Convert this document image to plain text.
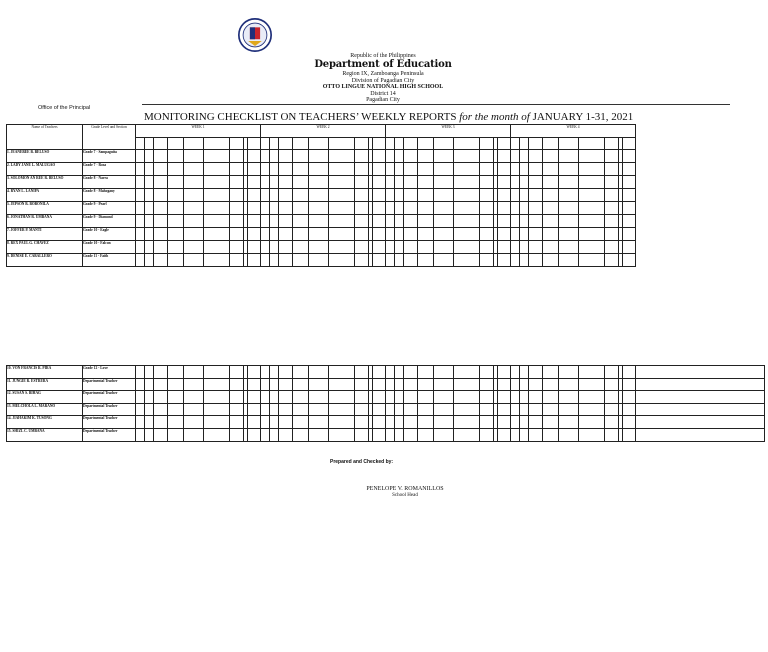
Republic of the Philippines
Department of Education
Region IX, Zamboanga Peninsula
Division of Pagadian City
OTTO LINGUE NATIONAL HIGH SCHOOL
District 14
Pagadian City
Office of the Principal
MONITORING CHECKLIST ON TEACHERS’ WEEKLY REPORTS for the month of JANUARY 1-31, 2021
Name of Teachers	Grade Level and Section	WEEK 1									WEEK 2									WEEK 3									WEEK 4								

1. JEANEBEE B. BELUSO	Grade 7 - Sampaguita																																				
2. LADY JANE L. MALUGAO	Grade 7 - Rosa																																				
3. SOLOMON AN REE R. BELUSO	Grade 8 - Narra																																				
4. RYAN L. LANIPA	Grade 8 - Mahogany																																				
5. JEPSON B. BOBONILA	Grade 9 - Pearl																																				
6. JONATHAN R. UMBANA	Grade 9 - Diamond																																				
7. JOFFER P. MANTI	Grade 10 - Eagle																																				
8. REX PAUL G. CHAVEZ	Grade 10 - Falcon																																				
9. DENISE E. CABALLERO	Grade 11 - Faith																																				
10. VON FRANCIS R. PIRA	Grade 12 - Love																																					
11. JUNGIE R. ESTRERA	Departmental Teacher																																					
12. SUSAN S. BIHAG	Departmental Teacher																																					
13. MELCHOLA L. MARANO	Departmental Teacher																																					
14. JIAHAKIM K. TUSONG	Departmental Teacher																																					
15. SHIZL C. UMBANA	Departmental Teacher																																					
Prepared and Checked by:
PENELOPE V. ROMANILLOS
School Head
